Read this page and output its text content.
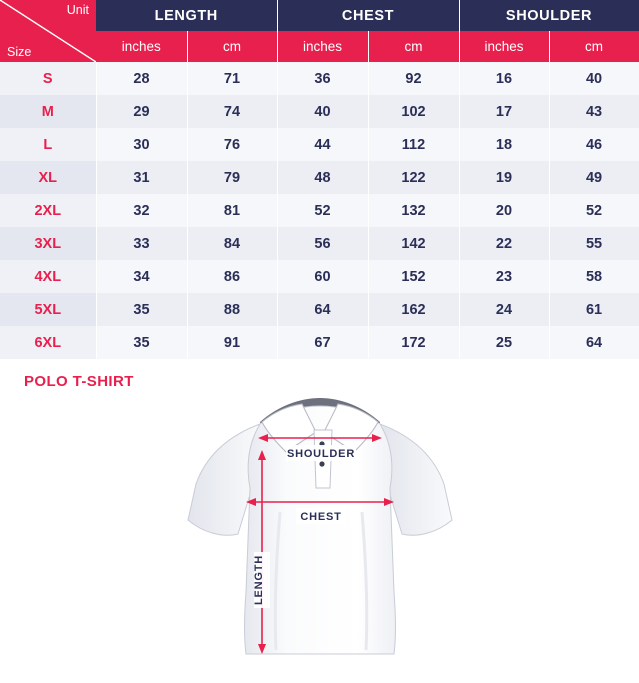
Unit
Size	LENGTH		CHEST		SHOULDER	
	inches	cm	inches	cm	inches	cm
S	28	71	36	92	16	40
M	29	74	40	102	17	43
L	30	76	44	112	18	46
XL	31	79	48	122	19	49
2XL	32	81	52	132	20	52
3XL	33	84	56	142	22	55
4XL	34	86	60	152	23	58
5XL	35	88	64	162	24	61
6XL	35	91	67	172	25	64
POLO T-SHIRT
SHOULDER
CHEST
LENGTH
